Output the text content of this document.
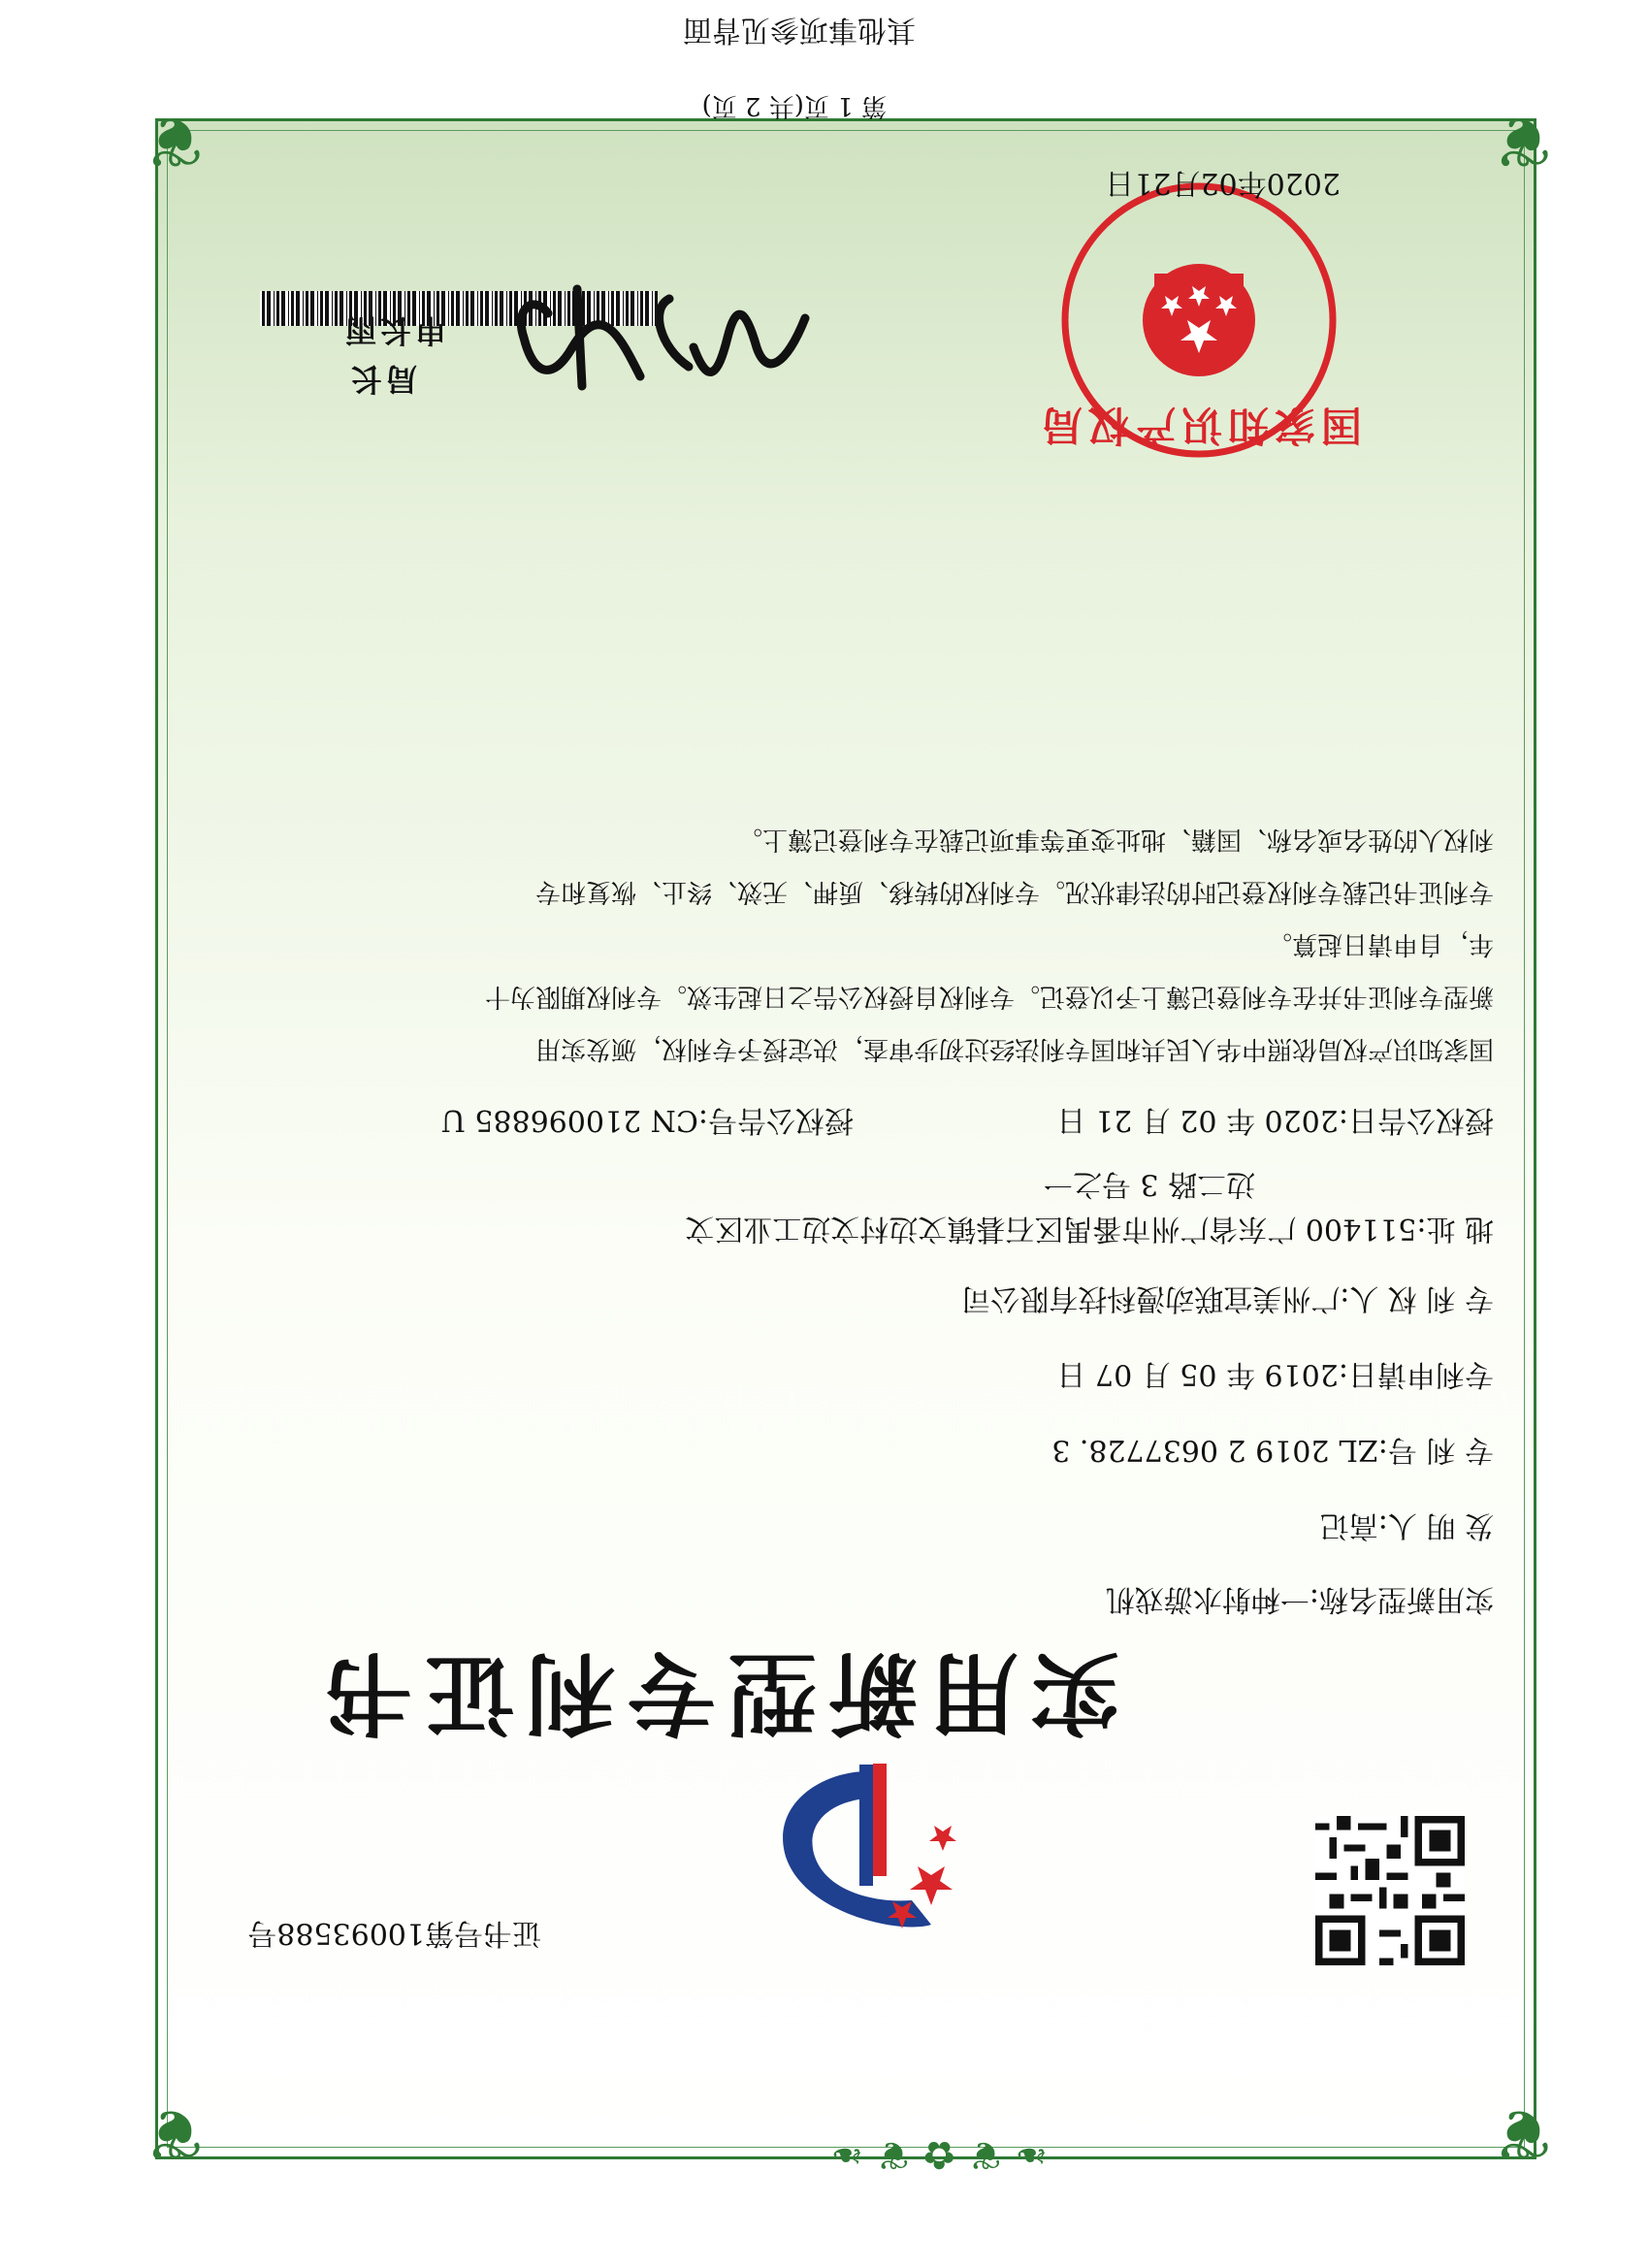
❦
❦
❦
❦
❧❦✿❦❧
证书号第10093588号
实用新型专利证书
实用新型名称:一种射水游戏机
发 明 人:高记
专 利 号:ZL 2019 2 0637728. 3
专利申请日:2019 年 05 月 07 日
专 利 权 人:广州美宜联动漫科技有限公司
地 址:511400 广东省广州市番禺区石碁镇文边村文边工业区文
边二路 3 号之一
授权公告日:2020 年 02 月 21 日
授权公告号:CN 210096885 U
国家知识产权局依照中华人民共和国专利法经过初步审查，决定授予专利权，颁发实用
新型专利证书并在专利登记簿上予以登记。专利权自授权公告之日起生效。专利权期限为十
年，自申请日起算。
专利证书记载专利权登记时的法律状况。专利权的转移、质押、无效、终止、恢复和专
利权人的姓名或名称、国籍、地址变更等事项记载在专利登记簿上。
局长
申长雨
国家知识产权局
2020年02月21日
第 1 页(共 2 页)
其他事项参见背面
